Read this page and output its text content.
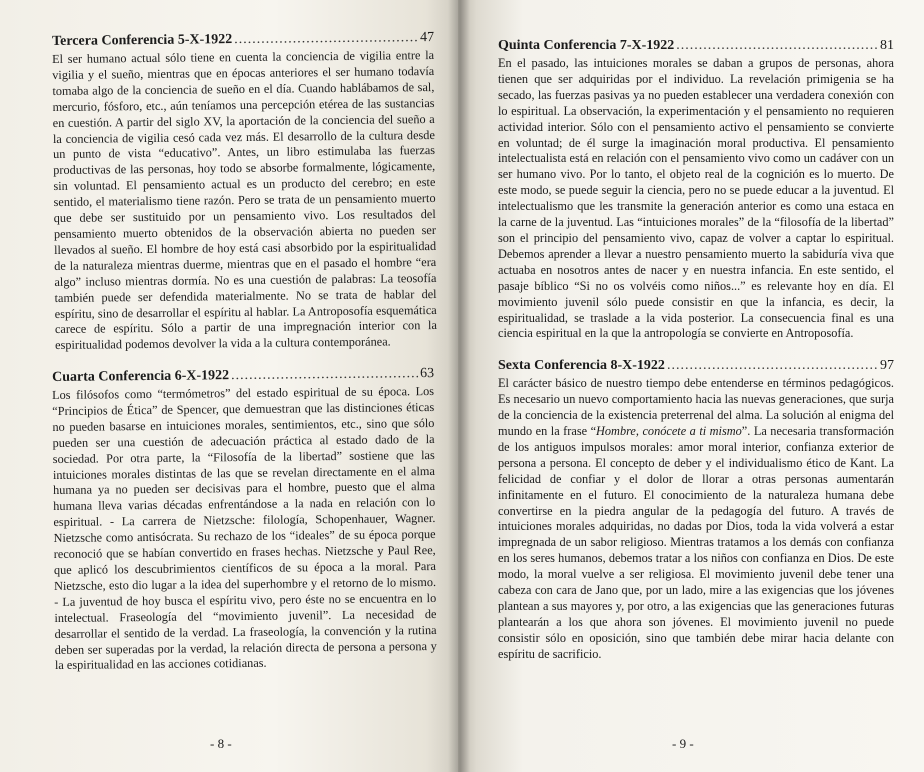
Tercera Conferencia 5-X-1922 .....	47

El ser humano actual sólo tiene en cuenta la conciencia de vigilia entre la vigilia y el sueño, mientras que en épocas anteriores el ser humano todavía tomaba algo de la conciencia de sueño en el día. Cuando hablábamos de sal, mercurio, fósforo, etc., aún teníamos una percepción etérea de las sustancias en cuestión. A partir del siglo XV, la aportación de la conciencia del sueño a la conciencia de vigilia cesó cada vez más. El desarrollo de la cultura desde un punto de vista “educativo”. Antes, un libro estimulaba las fuerzas productivas de las personas, hoy todo se absorbe formalmente, lógicamente, sin voluntad. El pensamiento actual es un producto del cerebro; en este sentido, el materialismo tiene razón. Pero se trata de un pensamiento muerto que debe ser sustituido por un pensamiento vivo. Los resultados del pensamiento muerto obtenidos de la observación abierta no pueden ser llevados al sueño. El hombre de hoy está casi absorbido por la espiritualidad de la naturaleza mientras duerme, mientras que en el pasado el hombre “era algo” incluso mientras dormía. No es una cuestión de palabras: La teosofía también puede ser defendida materialmente. No se trata de hablar del espíritu, sino de desarrollar el espíritu al hablar. La Antroposofía esquemática carece de espíritu. Sólo a partir de una impregnación interior con la espiritualidad podemos devolver la vida a la cultura contemporánea.

Cuarta Conferencia 6-X-1922 .....	63

Los filósofos como “termómetros” del estado espiritual de su época. Los “Principios de Ética” de Spencer, que demuestran que las distinciones éticas no pueden basarse en intuiciones morales, sentimientos, etc., sino que sólo pueden ser una cuestión de adecuación práctica al estado dado de la sociedad. Por otra parte, la “Filosofía de la libertad” sostiene que las intuiciones morales distintas de las que se revelan directamente en el alma humana ya no pueden ser decisivas para el hombre, puesto que el alma humana lleva varias décadas enfrentándose a la nada en relación con lo espiritual. - La carrera de Nietzsche: filología, Schopenhauer, Wagner. Nietzsche como antisócrata. Su rechazo de los “ideales” de su época porque reconoció que se habían convertido en frases hechas. Nietzsche y Paul Ree, que aplicó los descubrimientos científicos de su época a la moral. Para Nietzsche, esto dio lugar a la idea del superhombre y el retorno de lo mismo. - La juventud de hoy busca el espíritu vivo, pero éste no se encuentra en lo intelectual. Fraseología del “movimiento juvenil”. La necesidad de desarrollar el sentido de la verdad. La fraseología, la convención y la rutina deben ser superadas por la verdad, la relación directa de persona a persona y la espiritualidad en las acciones cotidianas.

- 8 -
Quinta Conferencia 7-X-1922 .....	81

En el pasado, las intuiciones morales se daban a grupos de personas, ahora tienen que ser adquiridas por el individuo. La revelación primigenia se ha secado, las fuerzas pasivas ya no pueden establecer una verdadera conexión con lo espiritual. La observación, la experimentación y el pensamiento no requieren actividad interior. Sólo con el pensamiento activo el pensamiento se convierte en voluntad; de él surge la imaginación moral productiva. El pensamiento intelectualista está en relación con el pensamiento vivo como un cadáver con un ser humano vivo. Por lo tanto, el objeto real de la cognición es lo muerto. De este modo, se puede seguir la ciencia, pero no se puede educar a la juventud. El intelectualismo que les transmite la generación anterior es como una estaca en la carne de la juventud. Las “intuiciones morales” de la “filosofía de la libertad” son el principio del pensamiento vivo, capaz de volver a captar lo espiritual. Debemos aprender a llevar a nuestro pensamiento muerto la sabiduría viva que actuaba en nosotros antes de nacer y en nuestra infancia. En este sentido, el pasaje bíblico “Si no os volvéis como niños...” es relevante hoy en día. El movimiento juvenil sólo puede consistir en que la infancia, es decir, la espiritualidad, se traslade a la vida posterior. La consecuencia final es una ciencia espiritual en la que la antropología se convierte en Antroposofía.

Sexta Conferencia 8-X-1922 .....	97

El carácter básico de nuestro tiempo debe entenderse en términos pedagógicos. Es necesario un nuevo comportamiento hacia las nuevas generaciones, que surja de la conciencia de la existencia preterrenal del alma. La solución al enigma del mundo en la frase “Hombre, conócete a ti mismo”. La necesaria transformación de los antiguos impulsos morales: amor moral interior, confianza exterior de persona a persona. El concepto de deber y el individualismo ético de Kant. La felicidad de confiar y el dolor de llorar a otras personas aumentarán infinitamente en el futuro. El conocimiento de la naturaleza humana debe convertirse en la piedra angular de la pedagogía del futuro. A través de intuiciones morales adquiridas, no dadas por Dios, toda la vida volverá a estar impregnada de un sabor religioso. Mientras tratamos a los demás con confianza en los seres humanos, debemos tratar a los niños con confianza en Dios. De este modo, la moral vuelve a ser religiosa. El movimiento juvenil debe tener una cabeza con cara de Jano que, por un lado, mire a las exigencias que los jóvenes plantean a sus mayores y, por otro, a las exigencias que las generaciones futuras plantearán a los que ahora son jóvenes. El movimiento juvenil no puede consistir sólo en oposición, sino que también debe mirar hacia delante con espíritu de sacrificio.

- 9 -
